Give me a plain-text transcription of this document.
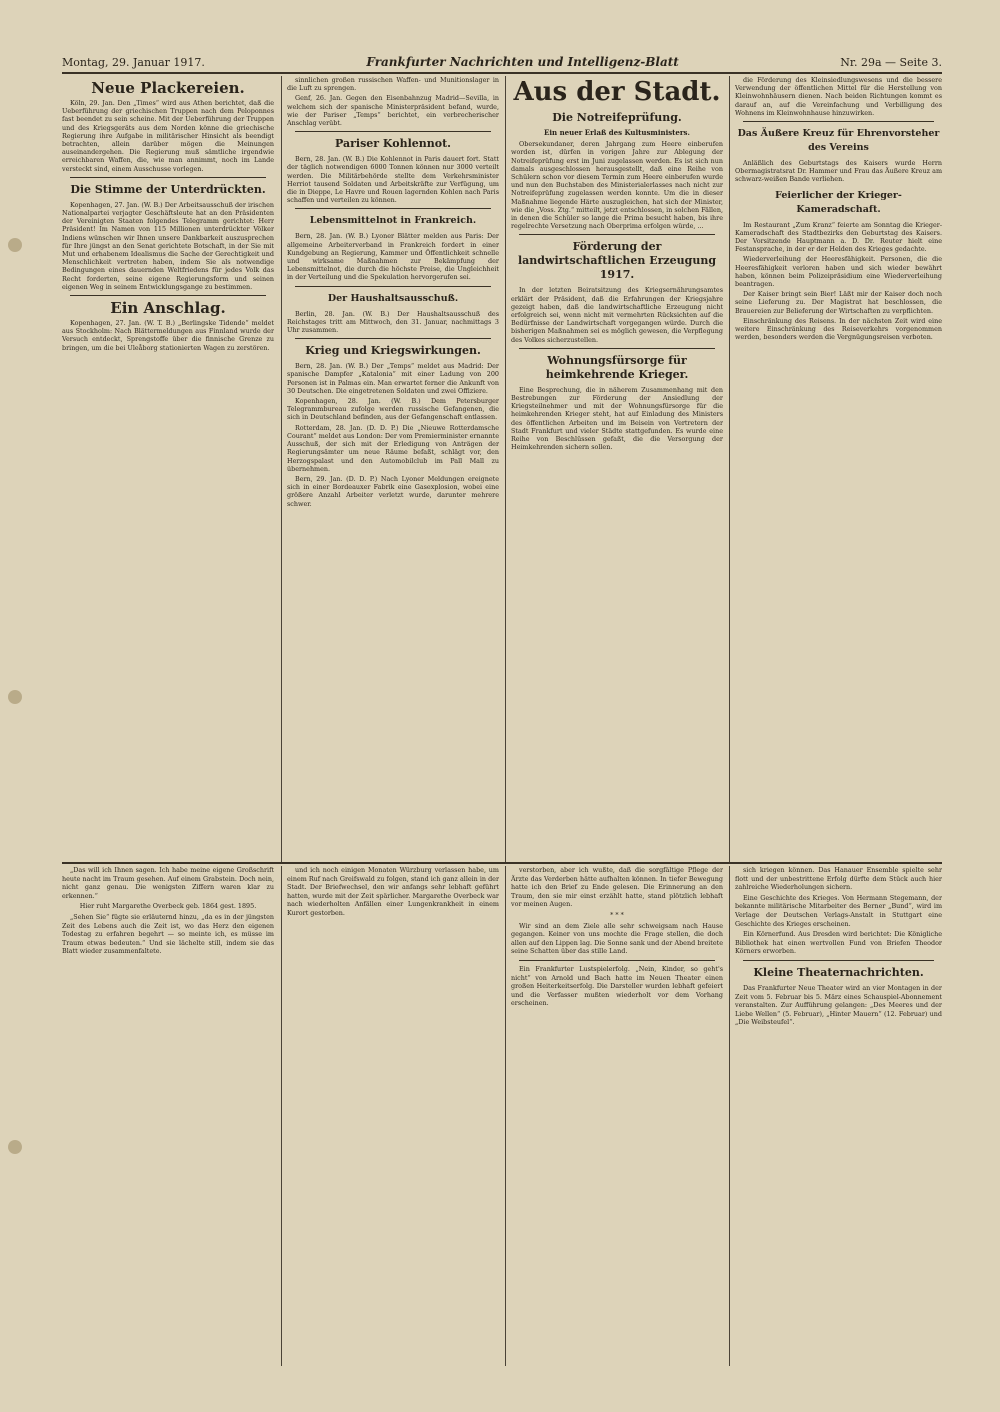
Montag, 29. Januar 1917.	Frankfurter Nachrichten und Intelligenz-Blatt	Nr. 29a — Seite 3.
Neue Plackereien.

Köln, 29. Jan. Den „Times“ wird aus Athen berichtet, daß die Ueberführung der griechischen Truppen nach dem Peloponnes fast beendet zu sein scheine. Mit der Ueberführung der Truppen und des Kriegsgeräts aus dem Norden könne die griechische Regierung ihre Aufgabe in militärischer Hinsicht als beendigt betrachten, allein darüber mögen die Meinungen auseinandergehen. Die Regierung muß sämtliche irgendwie erreichbaren Waffen, die, wie man annimmt, noch im Lande versteckt sind, einem Ausschusse vorlegen.

Die Stimme der Unterdrückten.

Kopenhagen, 27. Jan. (W. B.) Der Arbeitsausschuß der irischen Nationalpartei verjagter Geschäftsleute hat an den Präsidenten der Vereinigten Staaten folgendes Telegramm gerichtet: Herr Präsident! Im Namen von 115 Millionen unterdrückter Völker Indiens wünschen wir Ihnen unsere Dankbarkeit auszusprechen für Ihre jüngst an den Senat gerichtete Botschaft, in der Sie mit Mut und erhabenem Idealismus die Sache der Gerechtigkeit und Menschlichkeit vertreten haben, indem Sie als notwendige Bedingungen eines dauernden Weltfriedens für jedes Volk das Recht forderten, seine eigene Regierungsform und seinen eigenen Weg in seinem Entwicklungsgange zu bestimmen.

Ein Anschlag.

Kopenhagen, 27. Jan. (W. T. B.) „Berlingske Tidende“ meldet aus Stockholm: Nach Blättermeldungen aus Finnland wurde der Versuch entdeckt, Sprengstoffe über die finnische Grenze zu bringen, um die bei Uleåborg stationierten Wagen zu zerstören.

sinnlichen großen russischen Waffen- und Munitionslager in die Luft zu sprengen.

Genf, 26. Jan. Gegen den Eisenbahnzug Madrid—Sevilla, in welchem sich der spanische Ministerpräsident befand, wurde, wie der Pariser „Temps“ berichtet, ein verbrecherischer Anschlag verübt.

Pariser Kohlennot.

Bern, 28. Jan. (W. B.) Die Kohlennot in Paris dauert fort. Statt der täglich notwendigen 6000 Tonnen können nur 3000 verteilt werden. Die Militärbehörde stellte dem Verkehrsminister Herriot tausend Soldaten und Arbeitskräfte zur Verfügung, um die in Dieppe, Le Havre und Rouen lagernden Kohlen nach Paris schaffen und verteilen zu können.

Lebensmittelnot in Frankreich.

Bern, 28. Jan. (W. B.) Lyoner Blätter melden aus Paris: Der allgemeine Arbeiterverband in Frankreich fordert in einer Kundgebung an Regierung, Kammer und Öffentlichkeit schnelle und wirksame Maßnahmen zur Bekämpfung der Lebensmittelnot, die durch die höchste Preise, die Ungleichheit in der Verteilung und die Spekulation hervorgerufen sei.

Der Haushaltsausschuß.

Berlin, 28. Jan. (W. B.) Der Haushaltsausschuß des Reichstages tritt am Mittwoch, den 31. Januar, nachmittags 3 Uhr zusammen.

Krieg und Kriegswirkungen.

Bern, 28. Jan. (W. B.) Der „Temps“ meldet aus Madrid: Der spanische Dampfer „Katalonia“ mit einer Ladung von 200 Personen ist in Palmas ein. Man erwartet ferner die Ankunft von 30 Deutschen. Die eingetretenen Soldaten und zwei Offiziere.

Kopenhagen, 28. Jan. (W. B.) Dem Petersburger Telegrammbureau zufolge werden russische Gefangenen, die sich in Deutschland befinden, aus der Gefangenschaft entlassen.

Rotterdam, 28. Jan. (D. D. P.) Die „Nieuwe Rotterdamsche Courant“ meldet aus London: Der vom Premierminister ernannte Ausschuß, der sich mit der Erledigung von Anträgen der Regierungsämter um neue Räume befaßt, schlägt vor, den Herzogspalast und den Automobilclub im Pall Mall zu übernehmen.

Bern, 29. Jan. (D. D. P.) Nach Lyoner Meldungen ereignete sich in einer Bordeauxer Fabrik eine Gasexplosion, wobei eine größere Anzahl Arbeiter verletzt wurde, darunter mehrere schwer.

Aus der Stadt.
Die Notreifeprüfung.
Ein neuer Erlaß des Kultusministers.

Obersekundaner, deren Jahrgang zum Heere einberufen worden ist, dürfen in vorigen Jahre zur Ablegung der Notreifeprüfung erst im Juni zugelassen werden. Es ist sich nun damals ausgeschlossen herausgestellt, daß eine Reihe von Schülern schon vor diesem Termin zum Heere einberufen wurde und nun den Buchstaben des Ministerialerlasses nach nicht zur Notreifeprüfung zugelassen werden konnte. Um die in dieser Maßnahme liegende Härte auszugleichen, hat sich der Minister, wie die „Voss. Ztg.“ mitteilt, jetzt entschlossen, in solchen Fällen, in denen die Schüler so lange die Prima besucht haben, bis ihre regelrechte Versetzung nach Oberprima erfolgen würde, ...

Förderung der landwirtschaftlichen Erzeugung 1917.

In der letzten Beiratsitzung des Kriegsernährungsamtes erklärt der Präsident, daß die Erfahrungen der Kriegsjahre gezeigt haben, daß die landwirtschaftliche Erzeugung nicht erfolgreich sei, wenn nicht mit vermehrten Rücksichten auf die Bedürfnisse der Landwirtschaft vorgegangen würde. Durch die bisherigen Maßnahmen sei es möglich gewesen, die Verpflegung des Volkes sicherzustellen.

Wohnungsfürsorge für heimkehrende Krieger.

Eine Besprechung, die in näherem Zusammenhang mit den Bestrebungen zur Förderung der Ansiedlung der Kriegsteilnehmer und mit der Wohnungsfürsorge für die heimkehrenden Krieger steht, hat auf Einladung des Ministers des öffentlichen Arbeiten und im Beisein von Vertretern der Stadt Frankfurt und vieler Städte stattgefunden. Es wurde eine Reihe von Beschlüssen gefaßt, die die Versorgung der Heimkehrenden sichern sollen.

die Förderung des Kleinsiedlungswesens und die bessere Verwendung der öffentlichen Mittel für die Herstellung von Kleinwohnhäusern dienen. Nach beiden Richtungen kommt es darauf an, auf die Vereinfachung und Verbilligung des Wohnens im Kleinwohnhause hinzuwirken.

Das Äußere Kreuz für Ehrenvorsteher des Vereins

Anläßlich des Geburtstags des Kaisers wurde Herrn Obermagistratsrat Dr. Hammer und Frau das Äußere Kreuz am schwarz-weißen Bande verliehen.

Feierlicher der Krieger-Kameradschaft.

Im Restaurant „Zum Kranz“ feierte am Sonntag die Krieger-Kameradschaft des Stadtbezirks den Geburtstag des Kaisers. Der Vorsitzende Hauptmann a. D. Dr. Reuter hielt eine Festansprache, in der er der Helden des Krieges gedachte.

Wiederverleihung der Heeresfähigkeit. Personen, die die Heeresfähigkeit verloren haben und sich wieder bewährt haben, können beim Polizeipräsidium eine Wiederverleihung beantragen.

Der Kaiser bringt sein Bier! Läßt mir der Kaiser doch noch seine Lieferung zu. Der Magistrat hat beschlossen, die Brauereien zur Belieferung der Wirtschaften zu verpflichten.

Einschränkung des Reisens. In der nächsten Zeit wird eine weitere Einschränkung des Reiseverkehrs vorgenommen werden, besonders werden die Vergnügungsreisen verboten.

„Das will ich Ihnen sagen. Ich habe meine eigene Großschrift heute nacht im Traum gesehen. Auf einem Grabstein. Doch nein, nicht ganz genau. Die wenigsten Ziffern waren klar zu erkennen.“

Hier ruht Margarethe Overbeck geb. 1864 gest. 1895.

„Sehen Sie“ fügte sie erläuternd hinzu, „da es in der jüngsten Zeit des Lebens auch die Zeit ist, wo das Herz den eigenen Todestag zu erfahren begehrt — so meinte ich, es müsse im Traum etwas bedeuten.“ Und sie lächelte still, indem sie das Blatt wieder zusammenfaltete.

und ich noch einigen Monaten Würzburg verlassen habe, um einem Ruf nach Greifswald zu folgen, stand ich ganz allein in der Stadt. Der Briefwechsel, den wir anfangs sehr lebhaft geführt hatten, wurde mit der Zeit spärlicher. Margarethe Overbeck war nach wiederholten Anfällen einer Lungenkrankheit in einem Kurort gestorben.

verstorben, aber ich wußte, daß die sorgfältige Pflege der Ärzte das Verderben hätte aufhalten können. In tiefer Bewegung hatte ich den Brief zu Ende gelesen. Die Erinnerung an den Traum, den sie mir einst erzählt hatte, stand plötzlich lebhaft vor meinen Augen.

* * *

Wir sind an dem Ziele alle sehr schweigsam nach Hause gegangen. Keiner von uns mochte die Frage stellen, die doch allen auf den Lippen lag. Die Sonne sank und der Abend breitete seine Schatten über das stille Land.

Ein Frankfurter Lustspielerfolg. „Nein, Kinder, so geht's nicht“ von Arnold und Bach hatte im Neuen Theater einen großen Heiterkeitserfolg. Die Darsteller wurden lebhaft gefeiert und die Verfasser mußten wiederholt vor dem Vorhang erscheinen.

sich kriegen können. Das Hanauer Ensemble spielte sehr flott und der unbestrittene Erfolg dürfte dem Stück auch hier zahlreiche Wiederholungen sichern.

Eine Geschichte des Krieges. Von Hermann Stegemann, der bekannte militärische Mitarbeiter des Berner „Bund“, wird im Verlage der Deutschen Verlags-Anstalt in Stuttgart eine Geschichte des Krieges erscheinen.

Ein Körnerfund. Aus Dresden wird berichtet: Die Königliche Bibliothek hat einen wertvollen Fund von Briefen Theodor Körners erworben.

Kleine Theaternachrichten.

Das Frankfurter Neue Theater wird an vier Montagen in der Zeit vom 5. Februar bis 5. März eines Schauspiel-Abonnement veranstalten. Zur Aufführung gelangen: „Des Meeres und der Liebe Wellen“ (5. Februar), „Hinter Mauern“ (12. Februar) und „Die Weibsteufel“.
